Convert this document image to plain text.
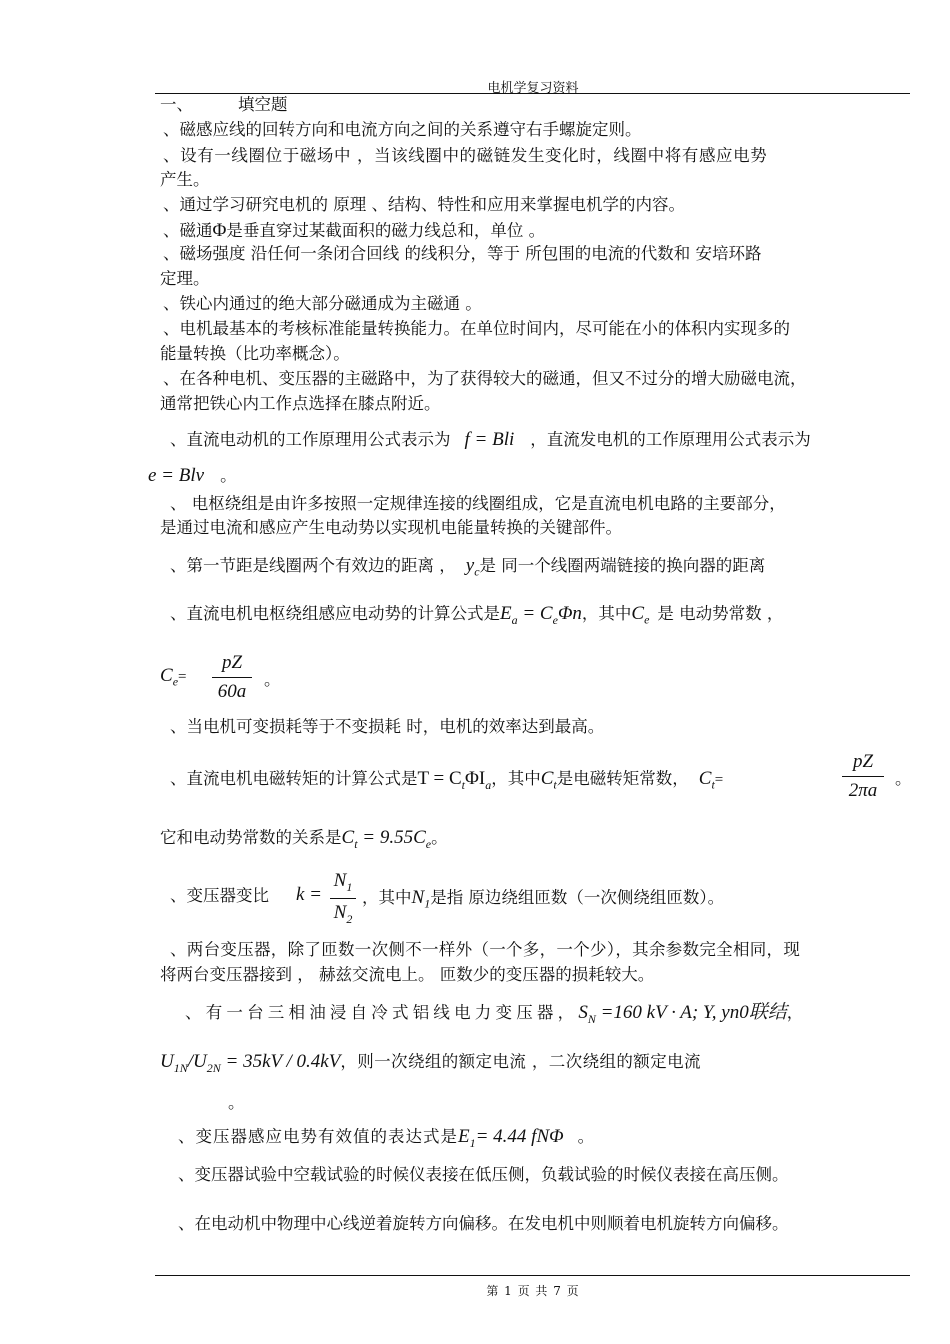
电机学复习资料
一、	填空题
、磁感应线的回转方向和电流方向之间的关系遵守右手螺旋定则。
、设有一线圈位于磁场中 ，当该线圈中的磁链发生变化时，线圈中将有感应电势
产生。
、通过学习研究电机的 原理 、结构、特性和应用来掌握电机学的内容。
、磁通Φ是垂直穿过某截面积的磁力线总和，单位 。
、磁场强度 沿任何一条闭合回线 的线积分，等于 所包围的电流的代数和 安培环路
定理。
、铁心内通过的绝大部分磁通成为主磁通 。
、电机最基本的考核标准能量转换能力。在单位时间内，尽可能在小的体积内实现多的
能量转换（比功率概念）。
、在各种电机、变压器的主磁路中，为了获得较大的磁通，但又不过分的增大励磁电流，
通常把铁心内工作点选择在膝点附近。
、直流电动机的工作原理用公式表示为 f = Bli ，直流发电机的工作原理用公式表示为
e = Blv 。
、 电枢绕组是由许多按照一定规律连接的线圈组成，它是直流电机电路的主要部分，
是通过电流和感应产生电动势以实现机电能量转换的关键部件。
、第一节距是线圈两个有效边的距离 ， $y_c$是 同一个线圈两端链接的换向器的距离
、直流电机电枢绕组感应电动势的计算公式是$E_a = C_e\Phi n$，其中$C_e$ 是 电动势常数 ，
$C_e=$
pZ
60a
。
、当电机可变损耗等于不变损耗 时，电机的效率达到最高。
、直流电机电磁转矩的计算公式是$T = C_t\Phi I_a$，其中$C_t$是电磁转矩常数， $C_t=$
pZ
2πa
。
它和电动势常数的关系是$C_t = 9.55C_e$。
、变压器变比 k =
$N_1$
$N_2$
，其中$N_1$是指 原边绕组匝数（一次侧绕组匝数）。
、两台变压器，除了匝数一次侧不一样外（一个多，一个少），其余参数完全相同，现
将两台变压器接到 ， 赫兹交流电上。 匝数少的变压器的损耗较大。
、有一台三相油浸自冷式铝线电力变压器，$S_N =160$ kV · A; Y, yn0联结，
$U_{1N}/U_{2N} = 35kV / 0.4kV$，则一次绕组的额定电流 ，二次绕组的额定电流
。
、变压器感应电势有效值的表达式是$E_1= 4.44$ fNΦ 。
、变压器试验中空载试验的时候仪表接在低压侧，负载试验的时候仪表接在高压侧。
、在电动机中物理中心线逆着旋转方向偏移。在发电机中则顺着电机旋转方向偏移。
第 1 页 共 7 页
